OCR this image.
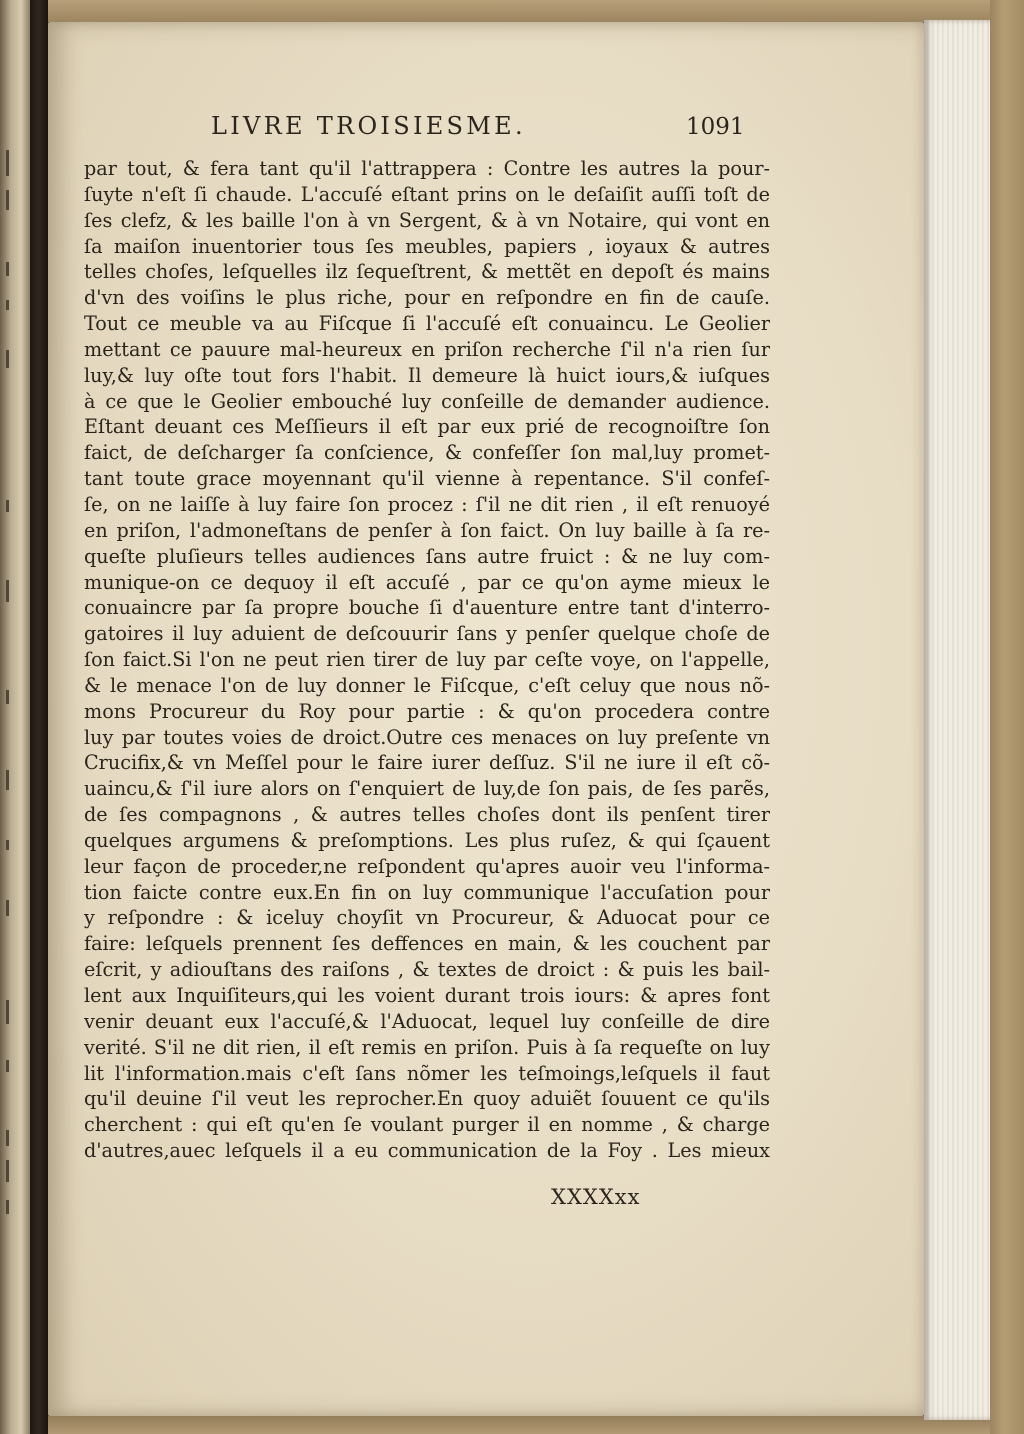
LIVRE TROISIESME.	1091
par tout, & fera tant qu'il l'attrappera : Contre les autres la pour-
ſuyte n'eſt ſi chaude. L'accuſé eſtant prins on le deſaiſit auſſi toſt de
ſes clefz, & les baille l'on à vn Sergent, & à vn Notaire, qui vont en
ſa maiſon inuentorier tous ſes meubles, papiers , ioyaux & autres
telles choſes, leſquelles ilz ſequeſtrent, & mettẽt en depoſt és mains
d'vn des voiſins le plus riche, pour en reſpondre en fin de cauſe.
Tout ce meuble va au Fiſcque ſi l'accuſé eſt conuaincu. Le Geolier
mettant ce pauure mal-heureux en priſon recherche ſ'il n'a rien ſur
luy,& luy oſte tout fors l'habit. Il demeure là huict iours,& iuſques
à ce que le Geolier embouché luy conſeille de demander audience.
Eſtant deuant ces Meſſieurs il eſt par eux prié de recognoiſtre ſon
faict, de deſcharger ſa conſcience, & confeſſer ſon mal,luy promet-
tant toute grace moyennant qu'il vienne à repentance. S'il confeſ-
ſe, on ne laiſſe à luy faire ſon procez : ſ'il ne dit rien , il eſt renuoyé
en priſon, l'admoneſtans de penſer à ſon faict. On luy baille à ſa re-
queſte pluſieurs telles audiences ſans autre fruict : & ne luy com-
munique-on ce dequoy il eſt accuſé , par ce qu'on ayme mieux le
conuaincre par ſa propre bouche ſi d'auenture entre tant d'interro-
gatoires il luy aduient de deſcouurir ſans y penſer quelque choſe de
ſon faict.Si l'on ne peut rien tirer de luy par ceſte voye, on l'appelle,
& le menace l'on de luy donner le Fiſcque, c'eſt celuy que nous nõ-
mons Procureur du Roy pour partie : & qu'on procedera contre
luy par toutes voies de droict.Outre ces menaces on luy preſente vn
Crucifix,& vn Meſſel pour le faire iurer deſſuz. S'il ne iure il eſt cõ-
uaincu,& ſ'il iure alors on ſ'enquiert de luy,de ſon pais, de ſes parẽs,
de ſes compagnons , & autres telles choſes dont ils penſent tirer
quelques argumens & preſomptions. Les plus ruſez, & qui ſçauent
leur façon de proceder,ne reſpondent qu'apres auoir veu l'informa-
tion faicte contre eux.En fin on luy communique l'accuſation pour
y reſpondre : & iceluy choyſit vn Procureur, & Aduocat pour ce
faire: leſquels prennent ſes deffences en main, & les couchent par
eſcrit, y adiouſtans des raiſons , & textes de droict : & puis les bail-
lent aux Inquiſiteurs,qui les voient durant trois iours: & apres font
venir deuant eux l'accuſé,& l'Aduocat, lequel luy conſeille de dire
verité. S'il ne dit rien, il eſt remis en priſon. Puis à ſa requeſte on luy
lit l'information.mais c'eſt ſans nõmer les teſmoings,leſquels il faut
qu'il deuine ſ'il veut les reprocher.En quoy aduiẽt ſouuent ce qu'ils
cherchent : qui eſt qu'en ſe voulant purger il en nomme , & charge
d'autres,auec leſquels il a eu communication de la Foy . Les mieux
XXXXxx
